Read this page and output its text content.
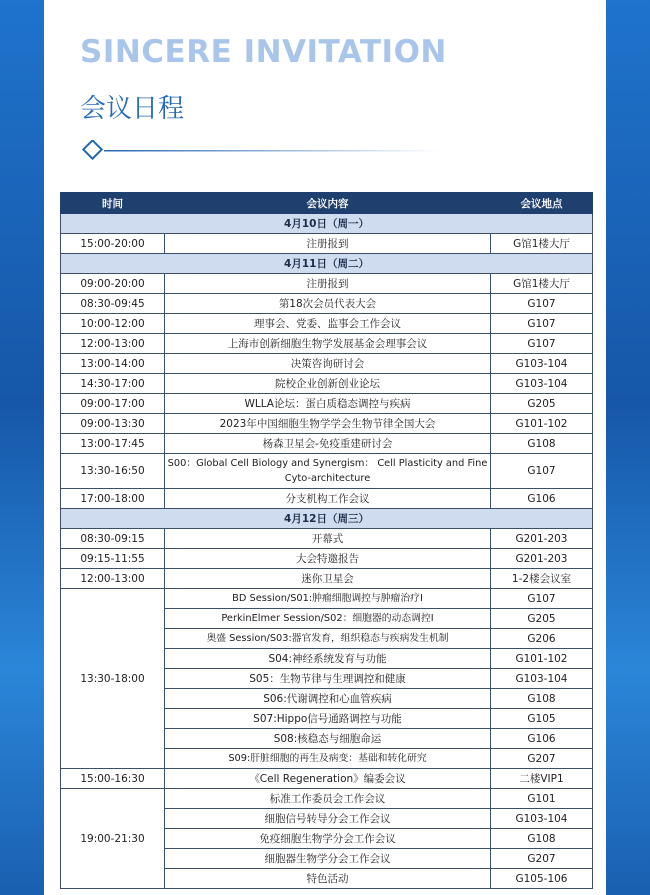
SINCERE INVITATION
会议日程
时间	会议内容	会议地点
4月10日（周一）		
15:00-20:00	注册报到	G馆1楼大厅
4月11日（周二）		
09:00-20:00	注册报到	G馆1楼大厅
08:30-09:45	第18次会员代表大会	G107
10:00-12:00	理事会、党委、监事会工作会议	G107
12:00-13:00	上海市创新细胞生物学发展基金会理事会议	G107
13:00-14:00	决策咨询研讨会	G103-104
14:30-17:00	院校企业创新创业论坛	G103-104
09:00-17:00	WLLA论坛：蛋白质稳态调控与疾病	G205
09:00-13:30	2023年中国细胞生物学学会生物节律全国大会	G101-102
13:00-17:45	杨森卫星会-免疫重建研讨会	G108
13:30-16:50	S00：Global Cell Biology and Synergism： Cell Plasticity and Fine Cyto-architecture	G107
17:00-18:00	分支机构工作会议	G106
4月12日（周三）		
08:30-09:15	开幕式	G201-203
09:15-11:55	大会特邀报告	G201-203
12:00-13:00	迷你卫星会	1-2楼会议室
13:30-18:00	BD Session/S01:肿瘤细胞调控与肿瘤治疗Ⅰ	G107
	PerkinElmer Session/S02：细胞器的动态调控Ⅰ	G205
	奥盛 Session/S03:器官发育，组织稳态与疾病发生机制	G206
	S04:神经系统发育与功能	G101-102
	S05：生物节律与生理调控和健康	G103-104
	S06:代谢调控和心血管疾病	G108
	S07:Hippo信号通路调控与功能	G105
	S08:核稳态与细胞命运	G106
	S09:肝脏细胞的再生及病变：基础和转化研究	G207
15:00-16:30	《Cell Regeneration》编委会议	二楼VIP1
19:00-21:30	标准工作委员会工作会议	G101
	细胞信号转导分会工作会议	G103-104
	免疫细胞生物学分会工作会议	G108
	细胞器生物学分会工作会议	G207
	特色活动	G105-106
